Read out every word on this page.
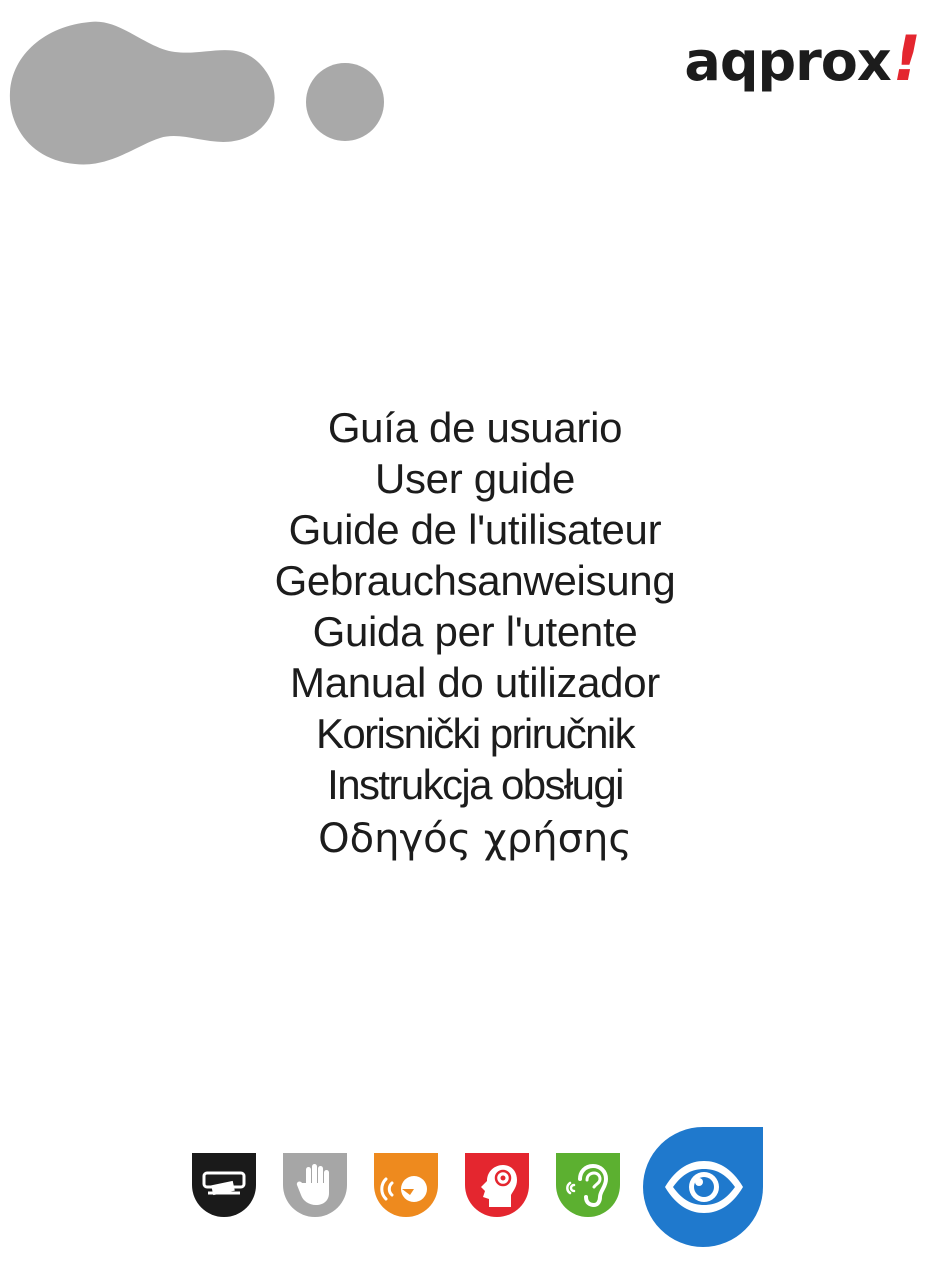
aqprox!
Guía de usuario
User guide
Guide de l'utilisateur
Gebrauchsanweisung
Guida per l'utente
Manual do utilizador
Korisnički priručnik
Instrukcja obsługi
Οδηγός χρήσης
